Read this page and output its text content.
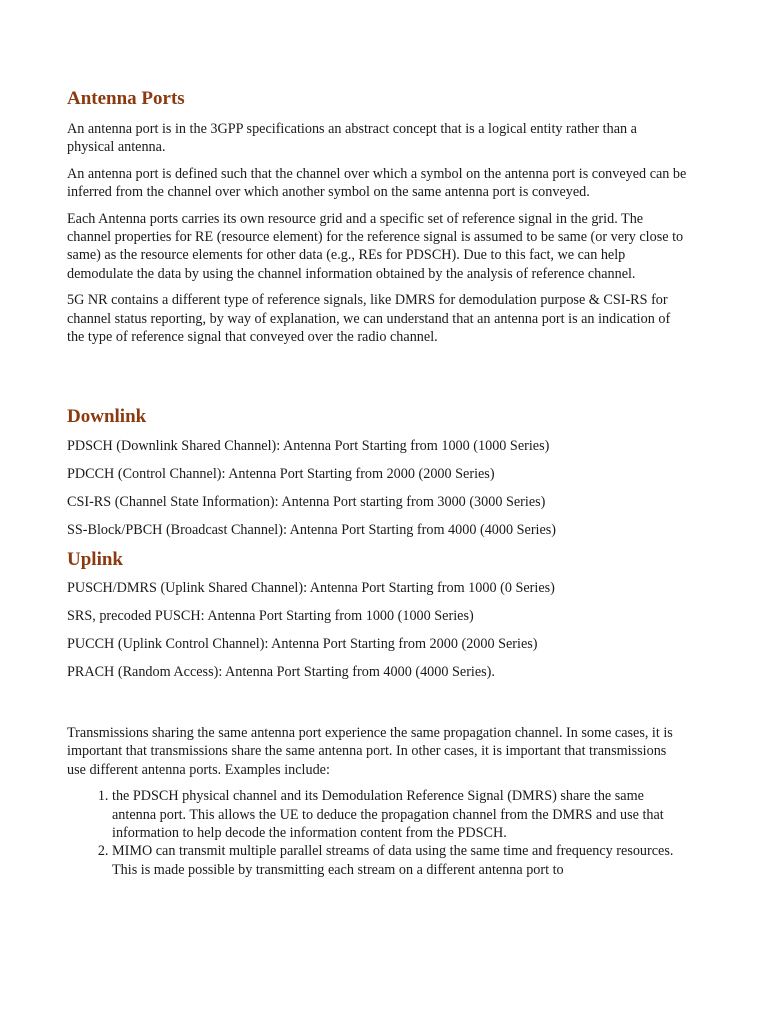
Antenna Ports

An antenna port is in the 3GPP specifications an abstract concept that is a logical entity rather than a physical antenna.

An antenna port is defined such that the channel over which a symbol on the antenna port is conveyed can be inferred from the channel over which another symbol on the same antenna port is conveyed.

Each Antenna ports carries its own resource grid and a specific set of reference signal in the grid. The channel properties for RE (resource element) for the reference signal is assumed to be same (or very close to same) as the resource elements for other data (e.g., REs for PDSCH). Due to this fact, we can help demodulate the data by using the channel information obtained by the analysis of reference channel.

5G NR contains a different type of reference signals, like DMRS for demodulation purpose & CSI-RS for channel status reporting, by way of explanation, we can understand that an antenna port is an indication of the type of reference signal that conveyed over the radio channel.

Downlink

PDSCH (Downlink Shared Channel): Antenna Port Starting from 1000 (1000 Series)

PDCCH (Control Channel): Antenna Port Starting from 2000 (2000 Series)

CSI-RS (Channel State Information): Antenna Port starting from 3000 (3000 Series)

SS-Block/PBCH (Broadcast Channel): Antenna Port Starting from 4000 (4000 Series)

Uplink

PUSCH/DMRS (Uplink Shared Channel): Antenna Port Starting from 1000 (0 Series)

SRS, precoded PUSCH: Antenna Port Starting from 1000 (1000 Series)

PUCCH (Uplink Control Channel): Antenna Port Starting from 2000 (2000 Series)

PRACH (Random Access): Antenna Port Starting from 4000 (4000 Series).

Transmissions sharing the same antenna port experience the same propagation channel. In some cases, it is important that transmissions share the same antenna port. In other cases, it is important that transmissions use different antenna ports. Examples include:

1. the PDSCH physical channel and its Demodulation Reference Signal (DMRS) share the same antenna port. This allows the UE to deduce the propagation channel from the DMRS and use that information to help decode the information content from the PDSCH.
2. MIMO can transmit multiple parallel streams of data using the same time and frequency resources. This is made possible by transmitting each stream on a different antenna port to
